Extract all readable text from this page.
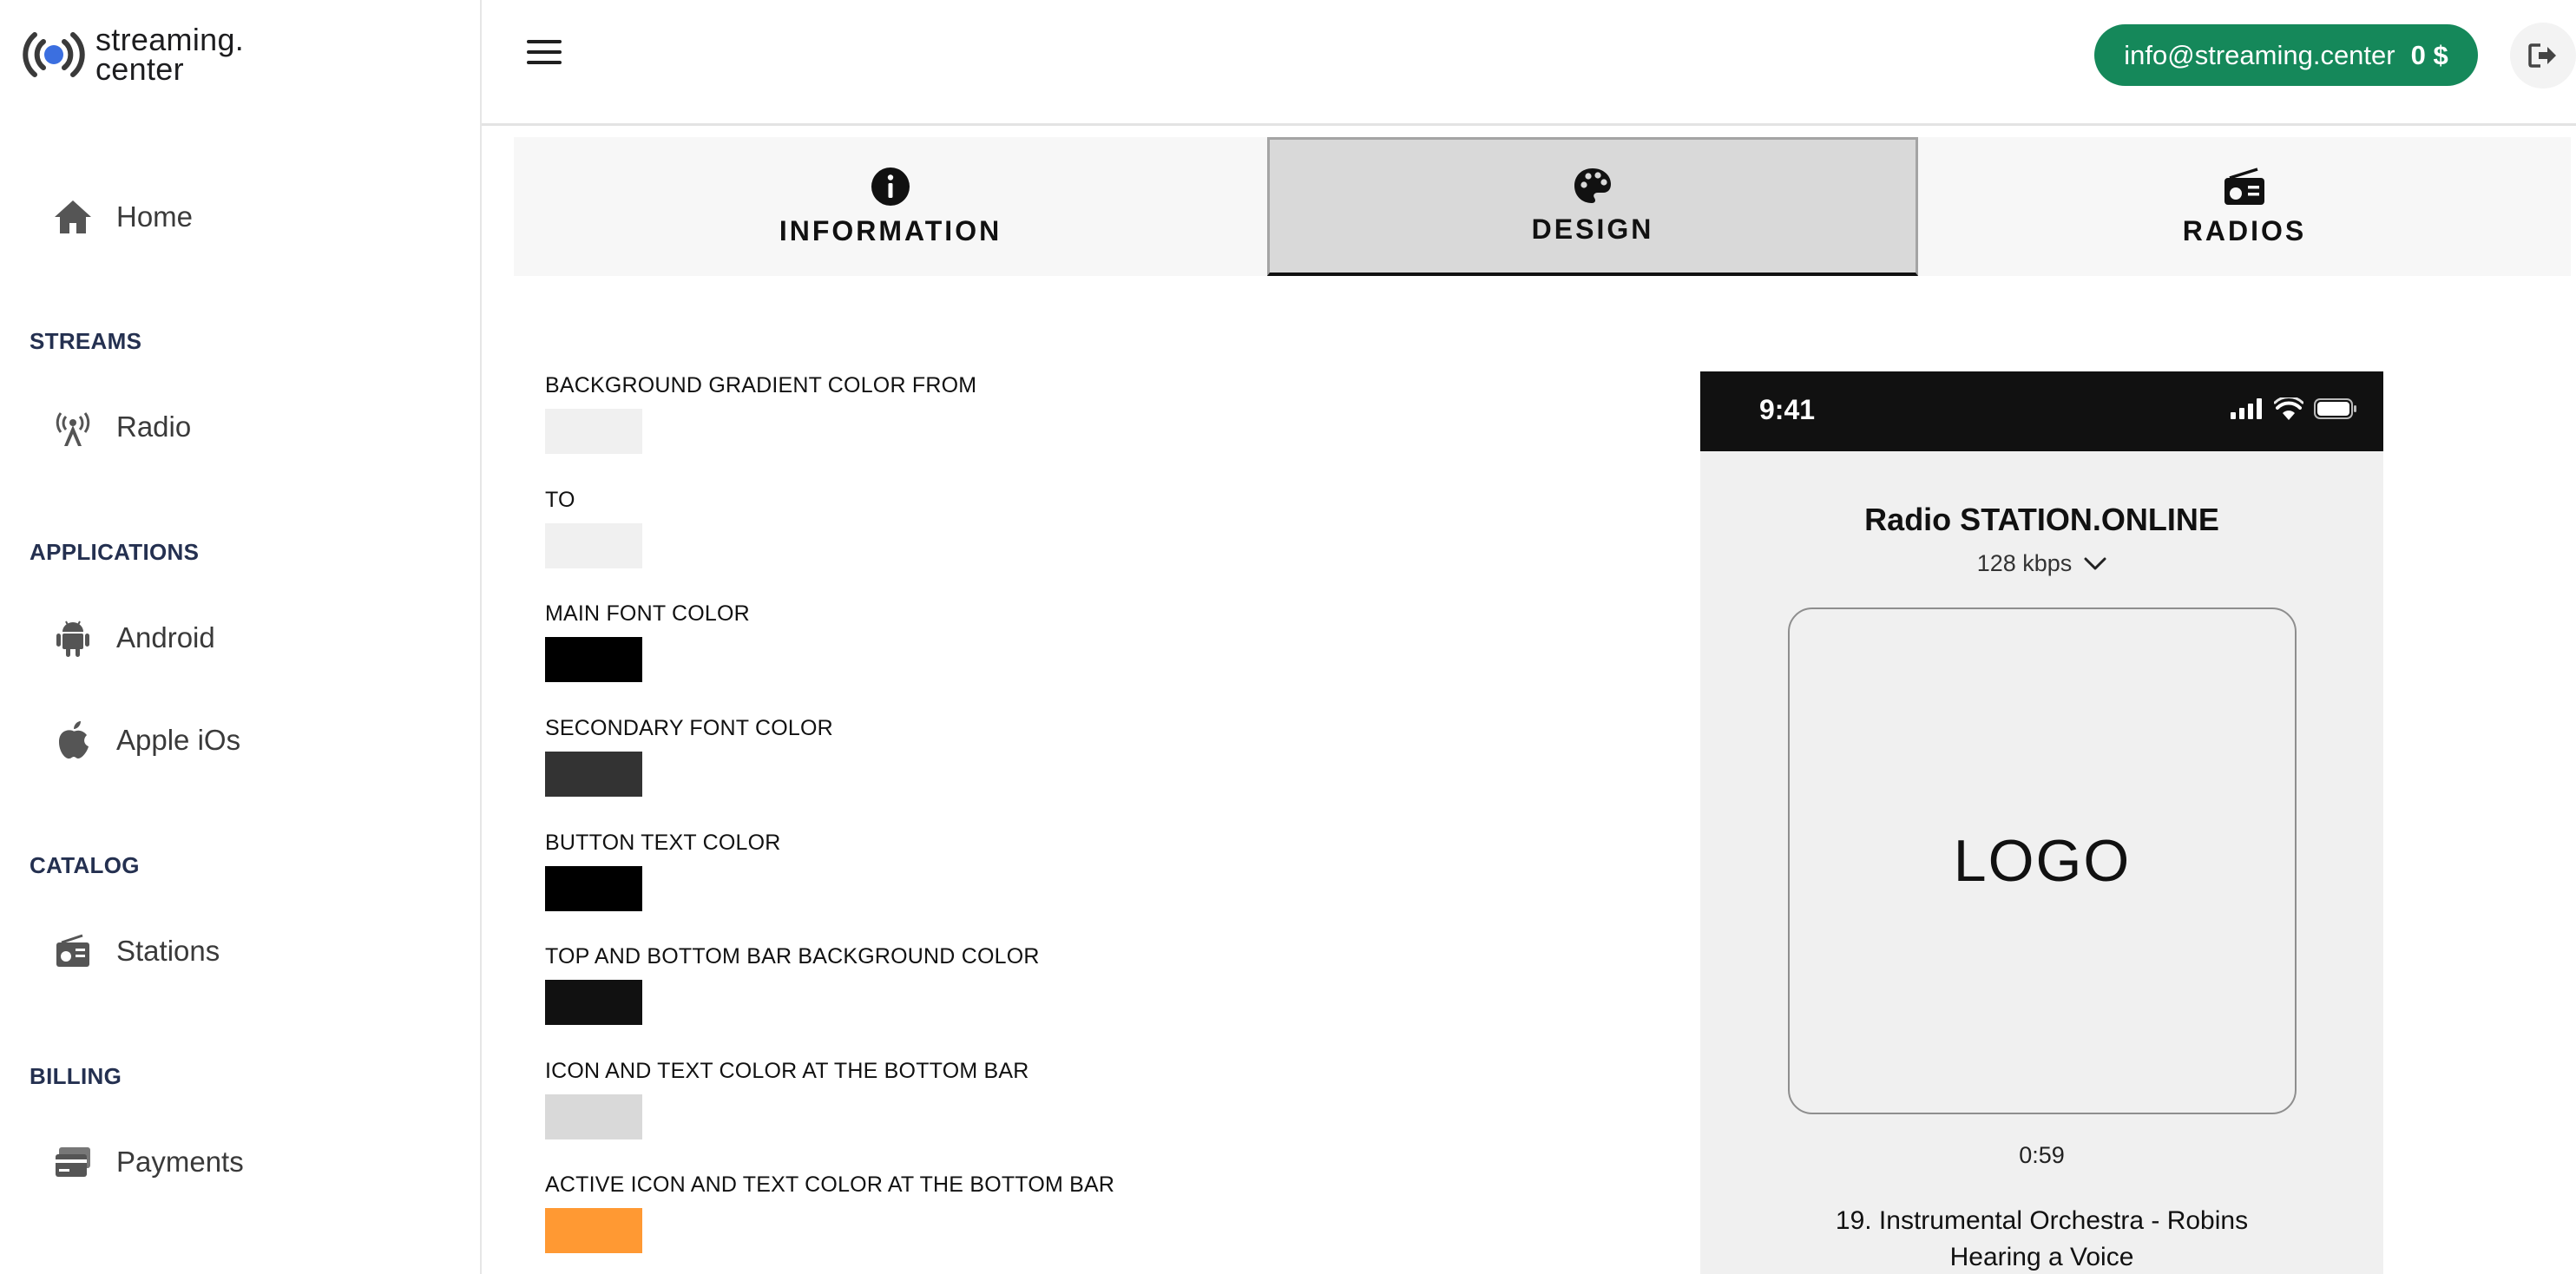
streaming.
center
Home
STREAMS
Radio
APPLICATIONS
Android
Apple iOs
CATALOG
Stations
BILLING
Payments
info@streaming.center 0 $
INFORMATION	DESIGN	RADIOS
BACKGROUND GRADIENT COLOR FROM
TO
MAIN FONT COLOR
SECONDARY FONT COLOR
BUTTON TEXT COLOR
TOP AND BOTTOM BAR BACKGROUND COLOR
ICON AND TEXT COLOR AT THE BOTTOM BAR
ACTIVE ICON AND TEXT COLOR AT THE BOTTOM BAR
9:41
Radio STATION.ONLINE
128 kbps
LOGO
0:59
19. Instrumental Orchestra - Robins
Hearing a Voice
